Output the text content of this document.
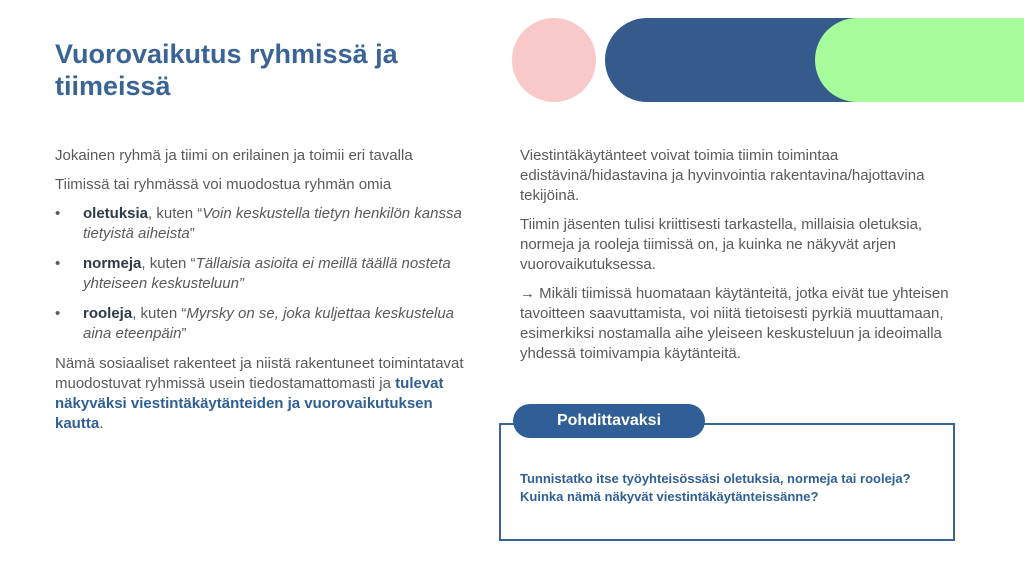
Vuorovaikutus ryhmissä ja tiimeissä

Jokainen ryhmä ja tiimi on erilainen ja toimii eri tavalla

Tiimissä tai ryhmässä voi muodostua ryhmän omia

• oletuksia, kuten “Voin keskustella tietyn henkilön kanssa tietyistä aiheista”
• normeja, kuten “Tällaisia asioita ei meillä täällä nosteta yhteiseen keskusteluun”
• rooleja, kuten “Myrsky on se, joka kuljettaa keskustelua aina eteenpäin”

Nämä sosiaaliset rakenteet ja niistä rakentuneet toimintatavat muodostuvat ryhmissä usein tiedostamattomasti ja tulevat näkyväksi viestintäkäytänteiden ja vuorovaikutuksen kautta.

Viestintäkäytänteet voivat toimia tiimin toimintaa edistävinä/hidastavina ja hyvinvointia rakentavina/hajottavina tekijöinä.

Tiimin jäsenten tulisi kriittisesti tarkastella, millaisia oletuksia, normeja ja rooleja tiimissä on, ja kuinka ne näkyvät arjen vuorovaikutuksessa.

→ Mikäli tiimissä huomataan käytänteitä, jotka eivät tue yhteisen tavoitteen saavuttamista, voi niitä tietoisesti pyrkiä muuttamaan, esimerkiksi nostamalla aihe yleiseen keskusteluun ja ideoimalla yhdessä toimivampia käytänteitä.

Pohdittavaksi
Tunnistatko itse työyhteisössäsi oletuksia, normeja tai rooleja? Kuinka nämä näkyvät viestintäkäytänteissänne?
